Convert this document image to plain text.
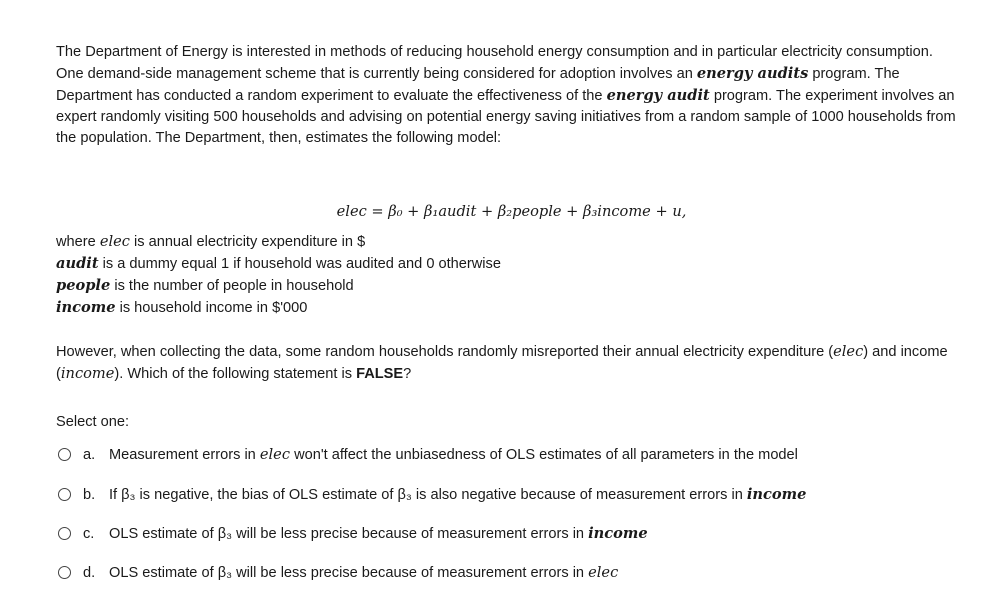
The Department of Energy is interested in methods of reducing household energy consumption and in particular electricity consumption. One demand-side management scheme that is currently being considered for adoption involves an energy audits program. The Department has conducted a random experiment to evaluate the effectiveness of the energy audit program. The experiment involves an expert randomly visiting 500 households and advising on potential energy saving initiatives from a random sample of 1000 households from the population. The Department, then, estimates the following model:

elec = β₀ + β₁audit + β₂people + β₃income + u,
where elec is annual electricity expenditure in $
audit is a dummy equal 1 if household was audited and 0 otherwise
people is the number of people in household
income is household income in $'000
However, when collecting the data, some random households randomly misreported their annual electricity expenditure (elec) and income (income). Which of the following statement is FALSE?
Select one:
a. Measurement errors in
elec
won't affect the unbiasedness of OLS estimates of all parameters in the model
b. If β₃ is negative, the bias of OLS estimate of β₃ is also negative because of measurement errors in
income
c.	OLS estimate of β₃ will be less precise because of measurement errors in
income
d. OLS estimate of β₃ will be less precise because of measurement errors in
elec
